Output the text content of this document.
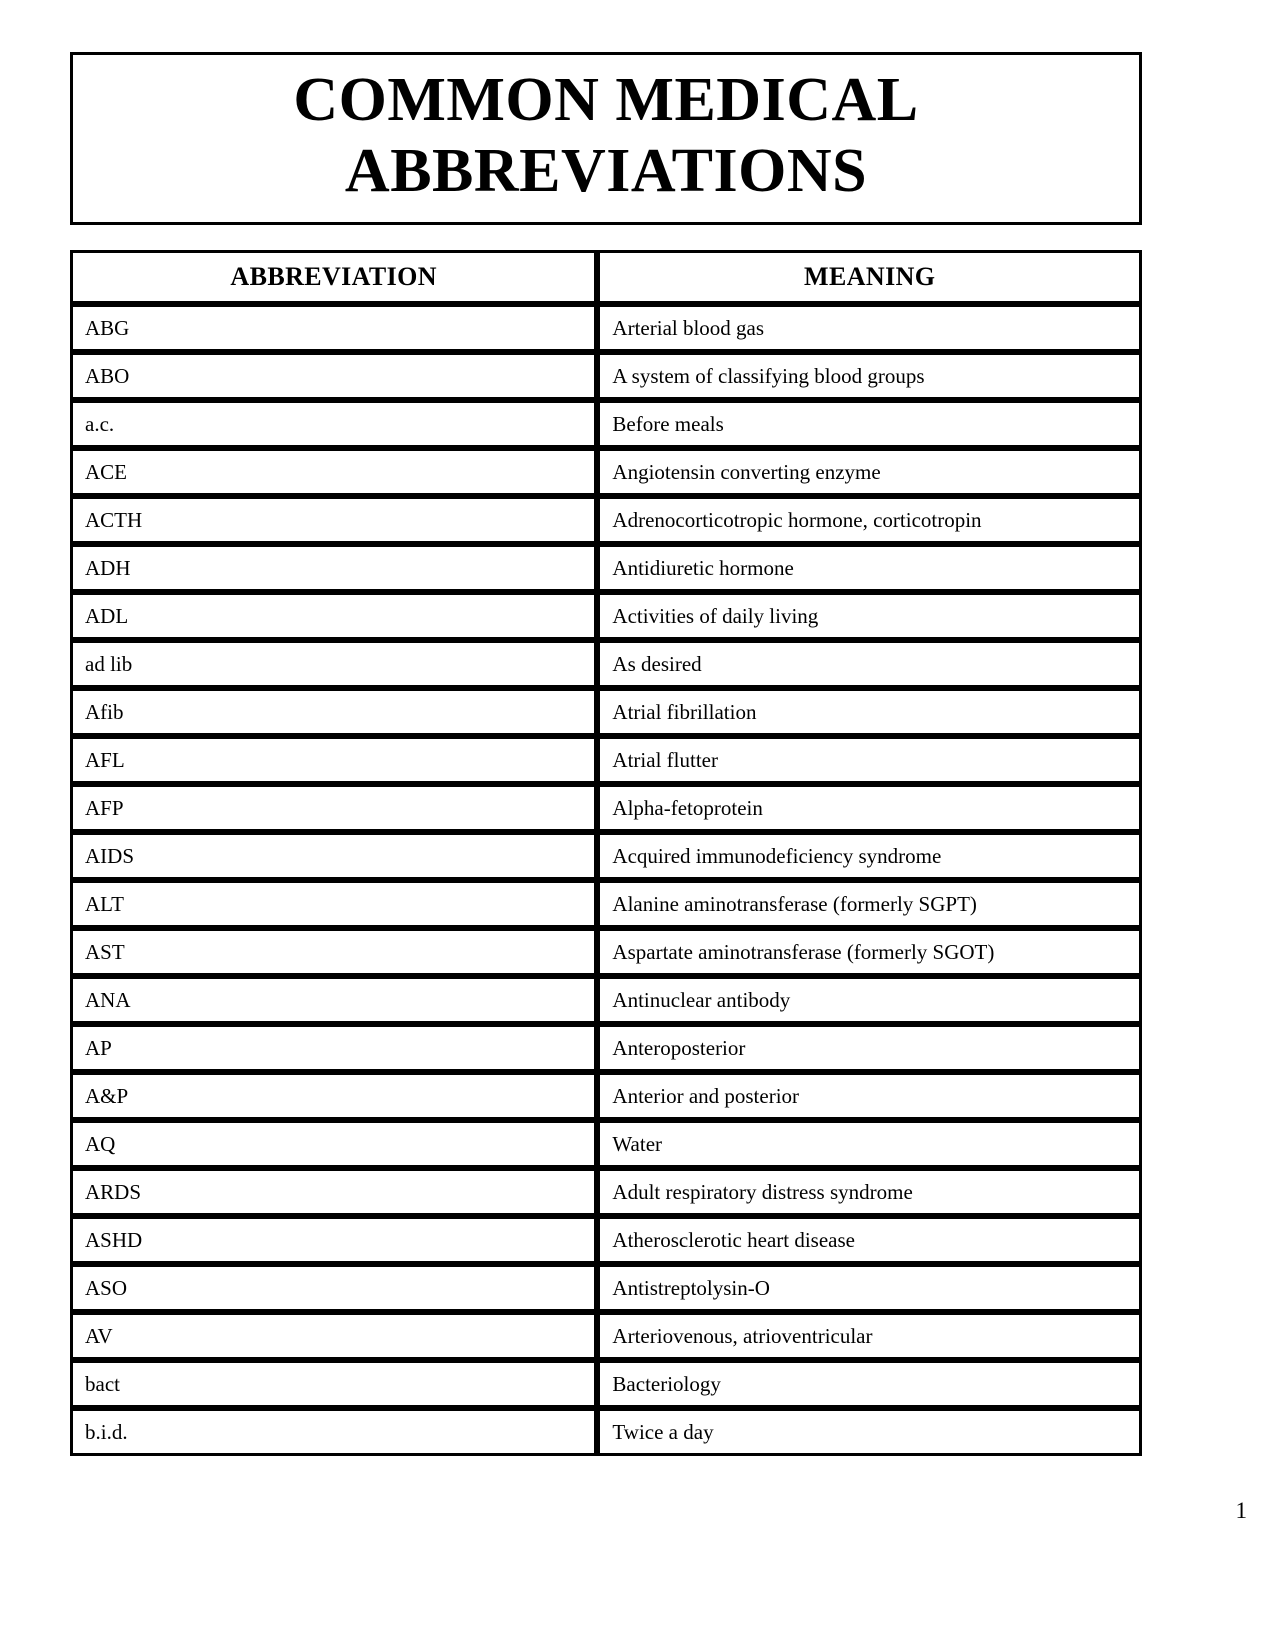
COMMON MEDICAL
ABBREVIATIONS
ABBREVIATION	MEANING
ABG	Arterial blood gas
ABO	A system of classifying blood groups
a.c.	Before meals
ACE	Angiotensin converting enzyme
ACTH	Adrenocorticotropic hormone, corticotropin
ADH	Antidiuretic hormone
ADL	Activities of daily living
ad lib	As desired
Afib	Atrial fibrillation
AFL	Atrial flutter
AFP	Alpha-fetoprotein
AIDS	Acquired immunodeficiency syndrome
ALT	Alanine aminotransferase (formerly SGPT)
AST	Aspartate aminotransferase (formerly SGOT)
ANA	Antinuclear antibody
AP	Anteroposterior
A&P	Anterior and posterior
AQ	Water
ARDS	Adult respiratory distress syndrome
ASHD	Atherosclerotic heart disease
ASO	Antistreptolysin-O
AV	Arteriovenous, atrioventricular
bact	Bacteriology
b.i.d.	Twice a day
1
